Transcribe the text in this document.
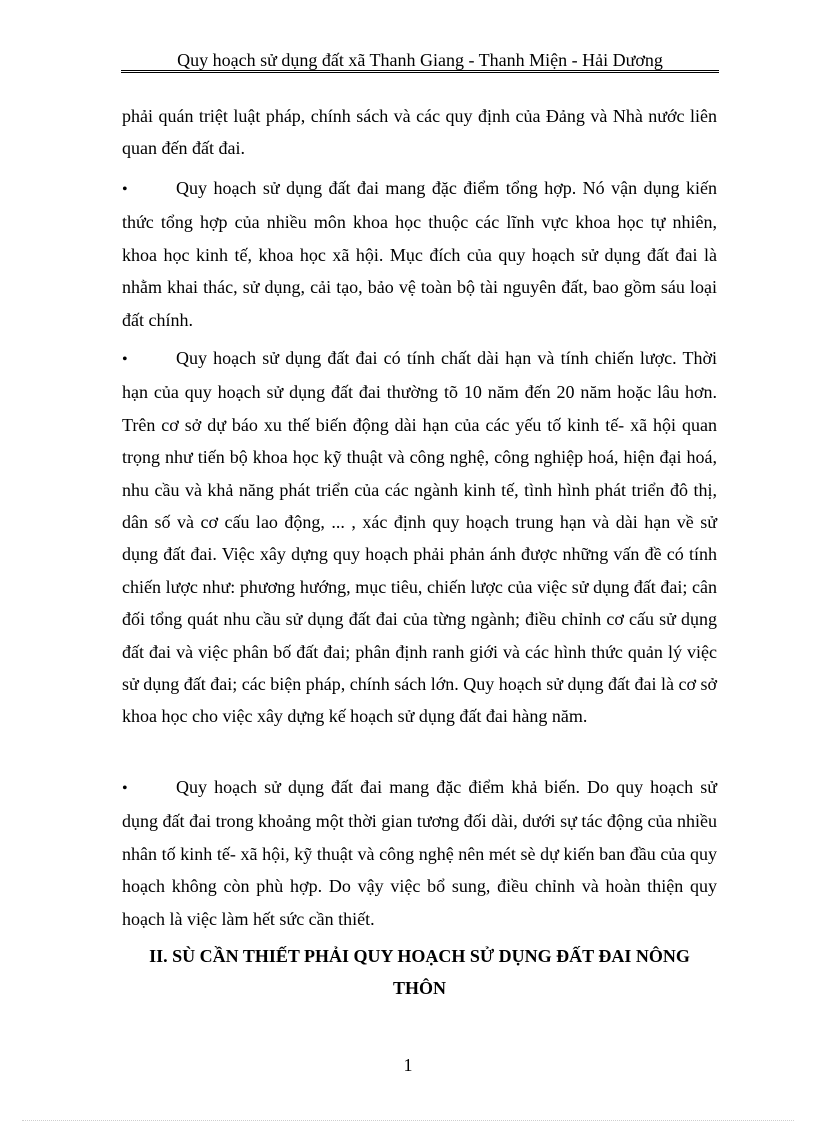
Quy hoạch sử dụng đất xã Thanh Giang - Thanh Miện - Hải Dương

phải quán triệt luật pháp, chính sách và các quy định của Đảng và Nhà nước liên quan đến đất đai.

•	Quy hoạch sử dụng đất đai mang đặc điểm tổng hợp. Nó vận dụng kiến thức tổng hợp của nhiều môn khoa học thuộc các lĩnh vực khoa học tự nhiên, khoa học kinh tế, khoa học xã hội. Mục đích của quy hoạch sử dụng đất đai là nhằm khai thác, sử dụng, cải tạo, bảo vệ toàn bộ tài nguyên đất, bao gồm sáu loại đất chính.

•	Quy hoạch sử dụng đất đai có tính chất dài hạn và tính chiến lược. Thời hạn của quy hoạch sử dụng đất đai thường tõ 10 năm đến 20 năm hoặc lâu hơn. Trên cơ sở dự báo xu thế biến động dài hạn của các yếu tố kinh tế- xã hội quan trọng như tiến bộ khoa học kỹ thuật và công nghệ, công nghiệp hoá, hiện đại hoá, nhu cầu và khả năng phát triển của các ngành kinh tế, tình hình phát triển đô thị, dân số và cơ cấu lao động, ... , xác định quy hoạch trung hạn và dài hạn về sử dụng đất đai. Việc xây dựng quy hoạch phải phản ánh được những vấn đề có tính chiến lược như: phương hướng, mục tiêu, chiến lược của việc sử dụng đất đai; cân đối tổng quát nhu cầu sử dụng đất đai của từng ngành; điều chỉnh cơ cấu sử dụng đất đai và việc phân bố đất đai; phân định ranh giới và các hình thức quản lý việc sử dụng đất đai; các biện pháp, chính sách lớn. Quy hoạch sử dụng đất đai là cơ sở khoa học cho việc xây dựng kế hoạch sử dụng đất đai hàng năm.

•	Quy hoạch sử dụng đất đai mang đặc điểm khả biến. Do quy hoạch sử dụng đất đai trong khoảng một thời gian tương đối dài, dưới sự tác động của nhiều nhân tố kinh tế- xã hội, kỹ thuật và công nghệ nên mét sè dự kiến ban đầu của quy hoạch không còn phù hợp. Do vậy việc bổ sung, điều chỉnh và hoàn thiện quy hoạch là việc làm hết sức cần thiết.

II. SÙ CẦN THIẾT PHẢI QUY HOẠCH SỬ DỤNG ĐẤT ĐAI NÔNG THÔN
1
